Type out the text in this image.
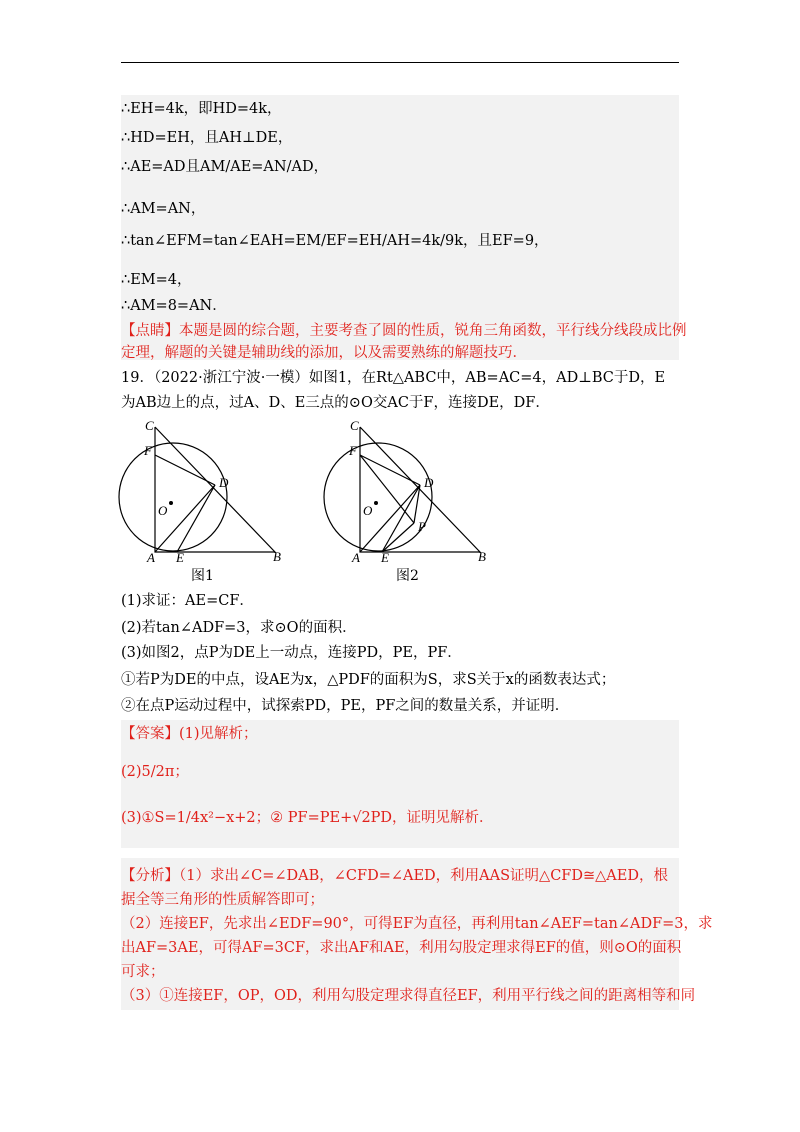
∴EH=4k，即HD=4k，
∴HD=EH，且AH⊥DE，
∴AE=AD且AM/AE=AN/AD，
∴AM=AN，
∴tan∠EFM=tan∠EAH=EM/EF=EH/AH=4k/9k，且EF=9，
∴EM=4，
∴AM=8=AN．
【点睛】本题是圆的综合题，主要考查了圆的性质，锐角三角函数，平行线分线段成比例
定理，解题的关键是辅助线的添加，以及需要熟练的解题技巧．
19．（2022·浙江宁波·一模）如图1，在Rt△ABC中，AB=AC=4，AD⊥BC于D，E
为AB边上的点，过A、D、E三点的⊙O交AC于F，连接DE，DF．
C
F
D
O
A E	B
图1
C
F
D
O
P
A E	B
图2
(1)求证：AE=CF．
(2)若tan∠ADF=3，求⊙O的面积．
(3)如图2，点P为DE上一动点，连接PD，PE，PF．
①若P为DE的中点，设AE为x，△PDF的面积为S，求S关于x的函数表达式；
②在点P运动过程中，试探索PD，PE，PF之间的数量关系，并证明．
【答案】(1)见解析；
(2)5/2π；
(3)①S=1/4x²−x+2；② PF=PE+√2PD，证明见解析．
【分析】（1）求出∠C=∠DAB，∠CFD=∠AED，利用AAS证明△CFD≅△AED，根
据全等三角形的性质解答即可；
（2）连接EF，先求出∠EDF=90°，可得EF为直径，再利用tan∠AEF=tan∠ADF=3，求
出AF=3AE，可得AF=3CF，求出AF和AE，利用勾股定理求得EF的值，则⊙O的面积
可求；
（3）①连接EF，OP，OD，利用勾股定理求得直径EF，利用平行线之间的距离相等和同
